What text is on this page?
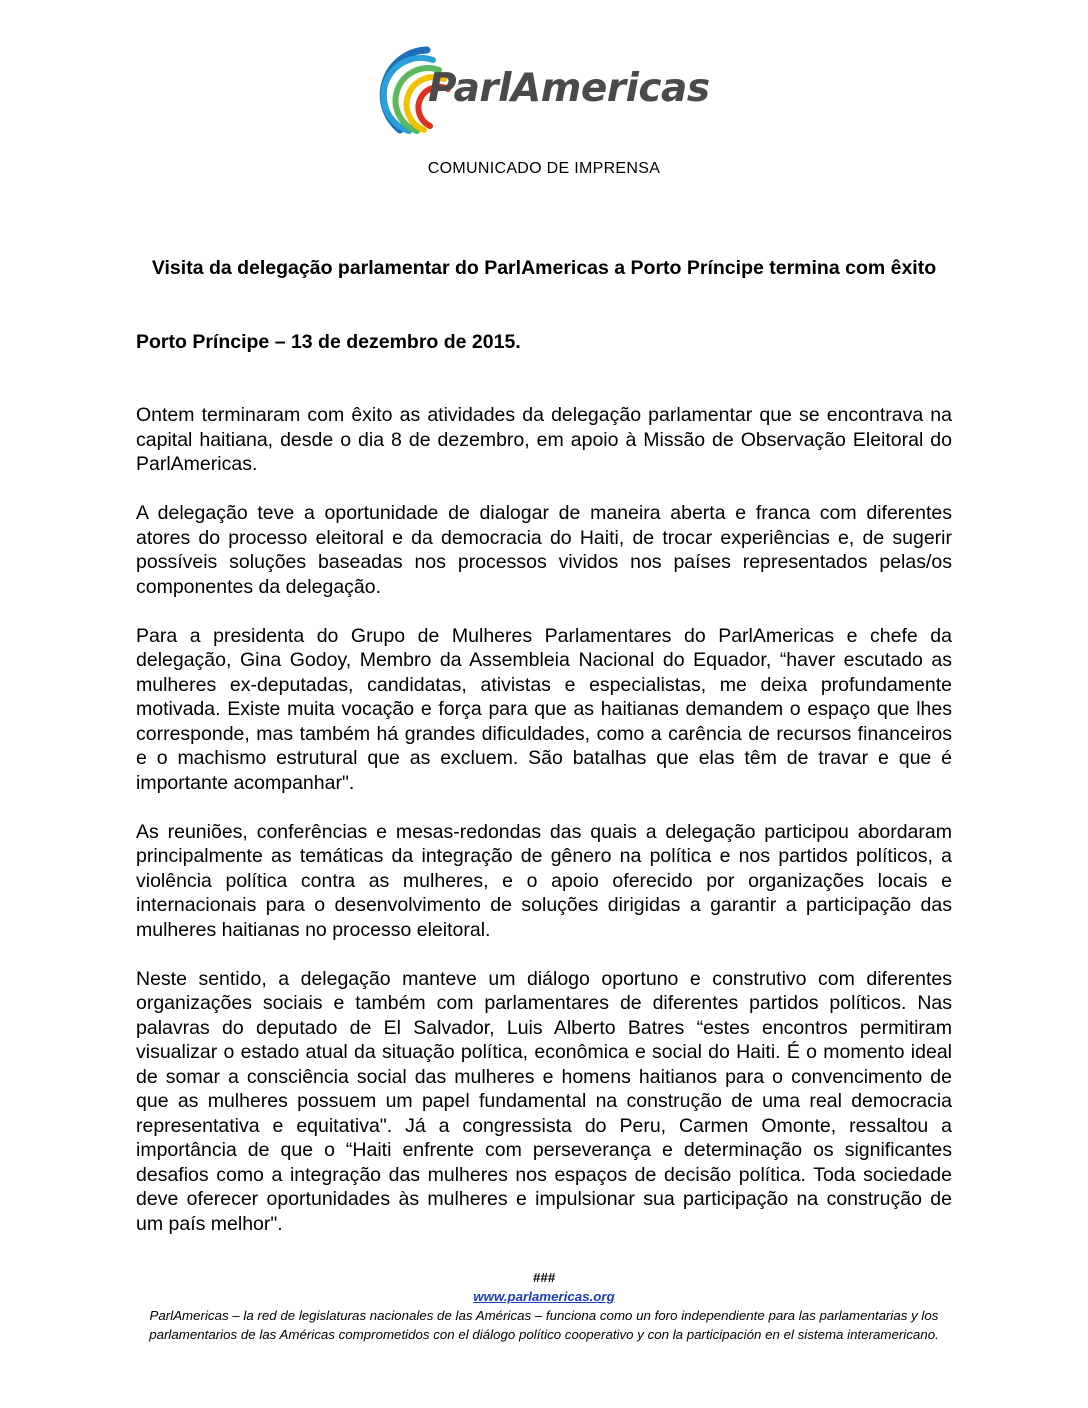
ParlAmericas
COMUNICADO DE IMPRENSA
Visita da delegação parlamentar do ParlAmericas a Porto Príncipe termina com êxito
Porto Príncipe – 13 de dezembro de 2015.

Ontem terminaram com êxito as atividades da delegação parlamentar que se encontrava na capital haitiana, desde o dia 8 de dezembro, em apoio à Missão de Observação Eleitoral do ParlAmericas.

A delegação teve a oportunidade de dialogar de maneira aberta e franca com diferentes atores do processo eleitoral e da democracia do Haiti, de trocar experiências e, de sugerir possíveis soluções baseadas nos processos vividos nos países representados pelas/os componentes da delegação.

Para a presidenta do Grupo de Mulheres Parlamentares do ParlAmericas e chefe da delegação, Gina Godoy, Membro da Assembleia Nacional do Equador, “haver escutado as mulheres ex-deputadas, candidatas, ativistas e especialistas, me deixa profundamente motivada. Existe muita vocação e força para que as haitianas demandem o espaço que lhes corresponde, mas também há grandes dificuldades, como a carência de recursos financeiros e o machismo estrutural que as excluem. São batalhas que elas têm de travar e que é importante acompanhar".

As reuniões, conferências e mesas-redondas das quais a delegação participou abordaram principalmente as temáticas da integração de gênero na política e nos partidos políticos, a violência política contra as mulheres, e o apoio oferecido por organizações locais e internacionais para o desenvolvimento de soluções dirigidas a garantir a participação das mulheres haitianas no processo eleitoral.

Neste sentido, a delegação manteve um diálogo oportuno e construtivo com diferentes organizações sociais e também com parlamentares de diferentes partidos políticos. Nas palavras do deputado de El Salvador, Luis Alberto Batres “estes encontros permitiram visualizar o estado atual da situação política, econômica e social do Haiti. É o momento ideal de somar a consciência social das mulheres e homens haitianos para o convencimento de que as mulheres possuem um papel fundamental na construção de uma real democracia representativa e equitativa". Já a congressista do Peru, Carmen Omonte, ressaltou a importância de que o “Haiti enfrente com perseverança e determinação os significantes desafios como a integração das mulheres nos espaços de decisão política. Toda sociedade deve oferecer oportunidades às mulheres e impulsionar sua participação na construção de um país melhor".

###
www.parlamericas.org
ParlAmericas – la red de legislaturas nacionales de las Américas – funciona como un foro independiente para las parlamentarias y los parlamentarios de las Américas comprometidos con el diálogo político cooperativo y con la participación en el sistema interamericano.
